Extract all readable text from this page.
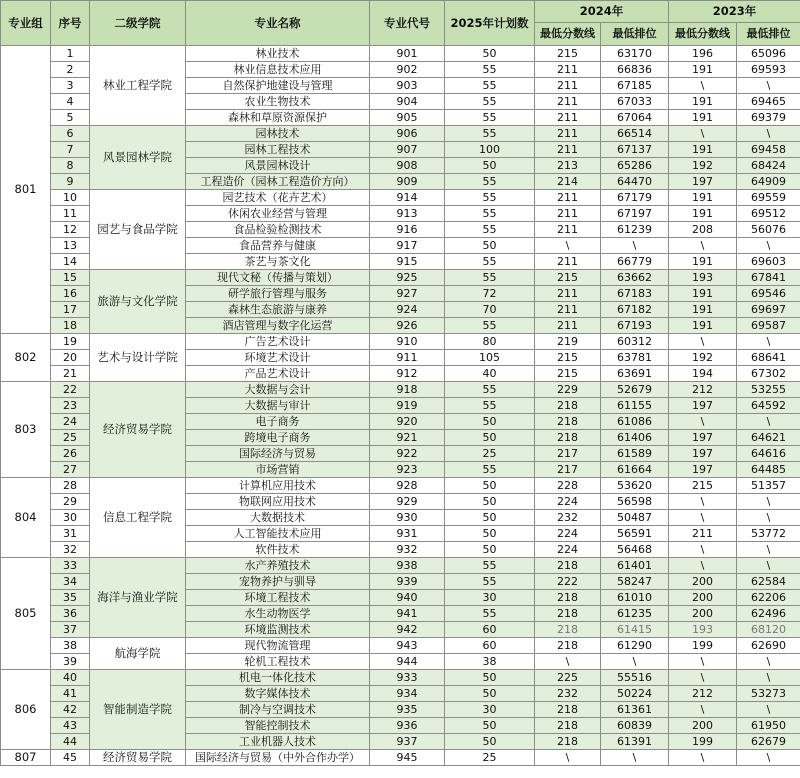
专业组	序号	二级学院	专业名称	专业代号	2025年计划数	2024年		2023年	
						最低分数线	最低排位	最低分数线	最低排位
801	1	林业工程学院	林业技术	901	50	215	63170	196	65096
	2		林业信息技术应用	902	55	211	66836	191	69593
	3		自然保护地建设与管理	903	55	211	67185	\	\
	4		农业生物技术	904	55	211	67033	191	69465
	5		森林和草原资源保护	905	55	211	67064	191	69379
	6	风景园林学院	园林技术	906	55	211	66514	\	\
	7		园林工程技术	907	100	211	67137	191	69458
	8		风景园林设计	908	50	213	65286	192	68424
	9		工程造价（园林工程造价方向）	909	55	214	64470	197	64909
	10	园艺与食品学院	园艺技术（花卉艺术）	914	55	211	67179	191	69559
	11		休闲农业经营与管理	913	55	211	67197	191	69512
	12		食品检验检测技术	916	55	211	61239	208	56076
	13		食品营养与健康	917	50	\	\	\	\
	14		茶艺与茶文化	915	55	211	66779	191	69603
	15	旅游与文化学院	现代文秘（传播与策划）	925	55	215	63662	193	67841
	16		研学旅行管理与服务	927	72	211	67183	191	69546
	17		森林生态旅游与康养	924	70	211	67182	191	69697
	18		酒店管理与数字化运营	926	55	211	67193	191	69587
802	19	艺术与设计学院	广告艺术设计	910	80	219	60312	\	\
	20		环境艺术设计	911	105	215	63781	192	68641
	21		产品艺术设计	912	40	215	63691	194	67302
803	22	经济贸易学院	大数据与会计	918	55	229	52679	212	53255
	23		大数据与审计	919	55	218	61155	197	64592
	24		电子商务	920	50	218	61086	\	\
	25		跨境电子商务	921	50	218	61406	197	64621
	26		国际经济与贸易	922	25	217	61589	197	64616
	27		市场营销	923	55	217	61664	197	64485
804	28	信息工程学院	计算机应用技术	928	50	228	53620	215	51357
	29		物联网应用技术	929	50	224	56598	\	\
	30		大数据技术	930	50	232	50487	\	\
	31		人工智能技术应用	931	50	224	56591	211	53772
	32		软件技术	932	50	224	56468	\	\
805	33	海洋与渔业学院	水产养殖技术	938	55	218	61401	\	\
	34		宠物养护与驯导	939	55	222	58247	200	62584
	35		环境工程技术	940	30	218	61010	200	62206
	36		水生动物医学	941	55	218	61235	200	62496
	37		环境监测技术	942	60	218	61415	193	68120
	38	航海学院	现代物流管理	943	60	218	61290	199	62690
	39		轮机工程技术	944	38	\	\	\	\
806	40	智能制造学院	机电一体化技术	933	50	225	55516	\	\
	41		数字媒体技术	934	50	232	50224	212	53273
	42		制冷与空调技术	935	30	218	61361	\	\
	43		智能控制技术	936	50	218	60839	200	61950
	44		工业机器人技术	937	50	218	61391	199	62679
807	45	经济贸易学院	国际经济与贸易（中外合作办学）	945	25	\	\	\	\
